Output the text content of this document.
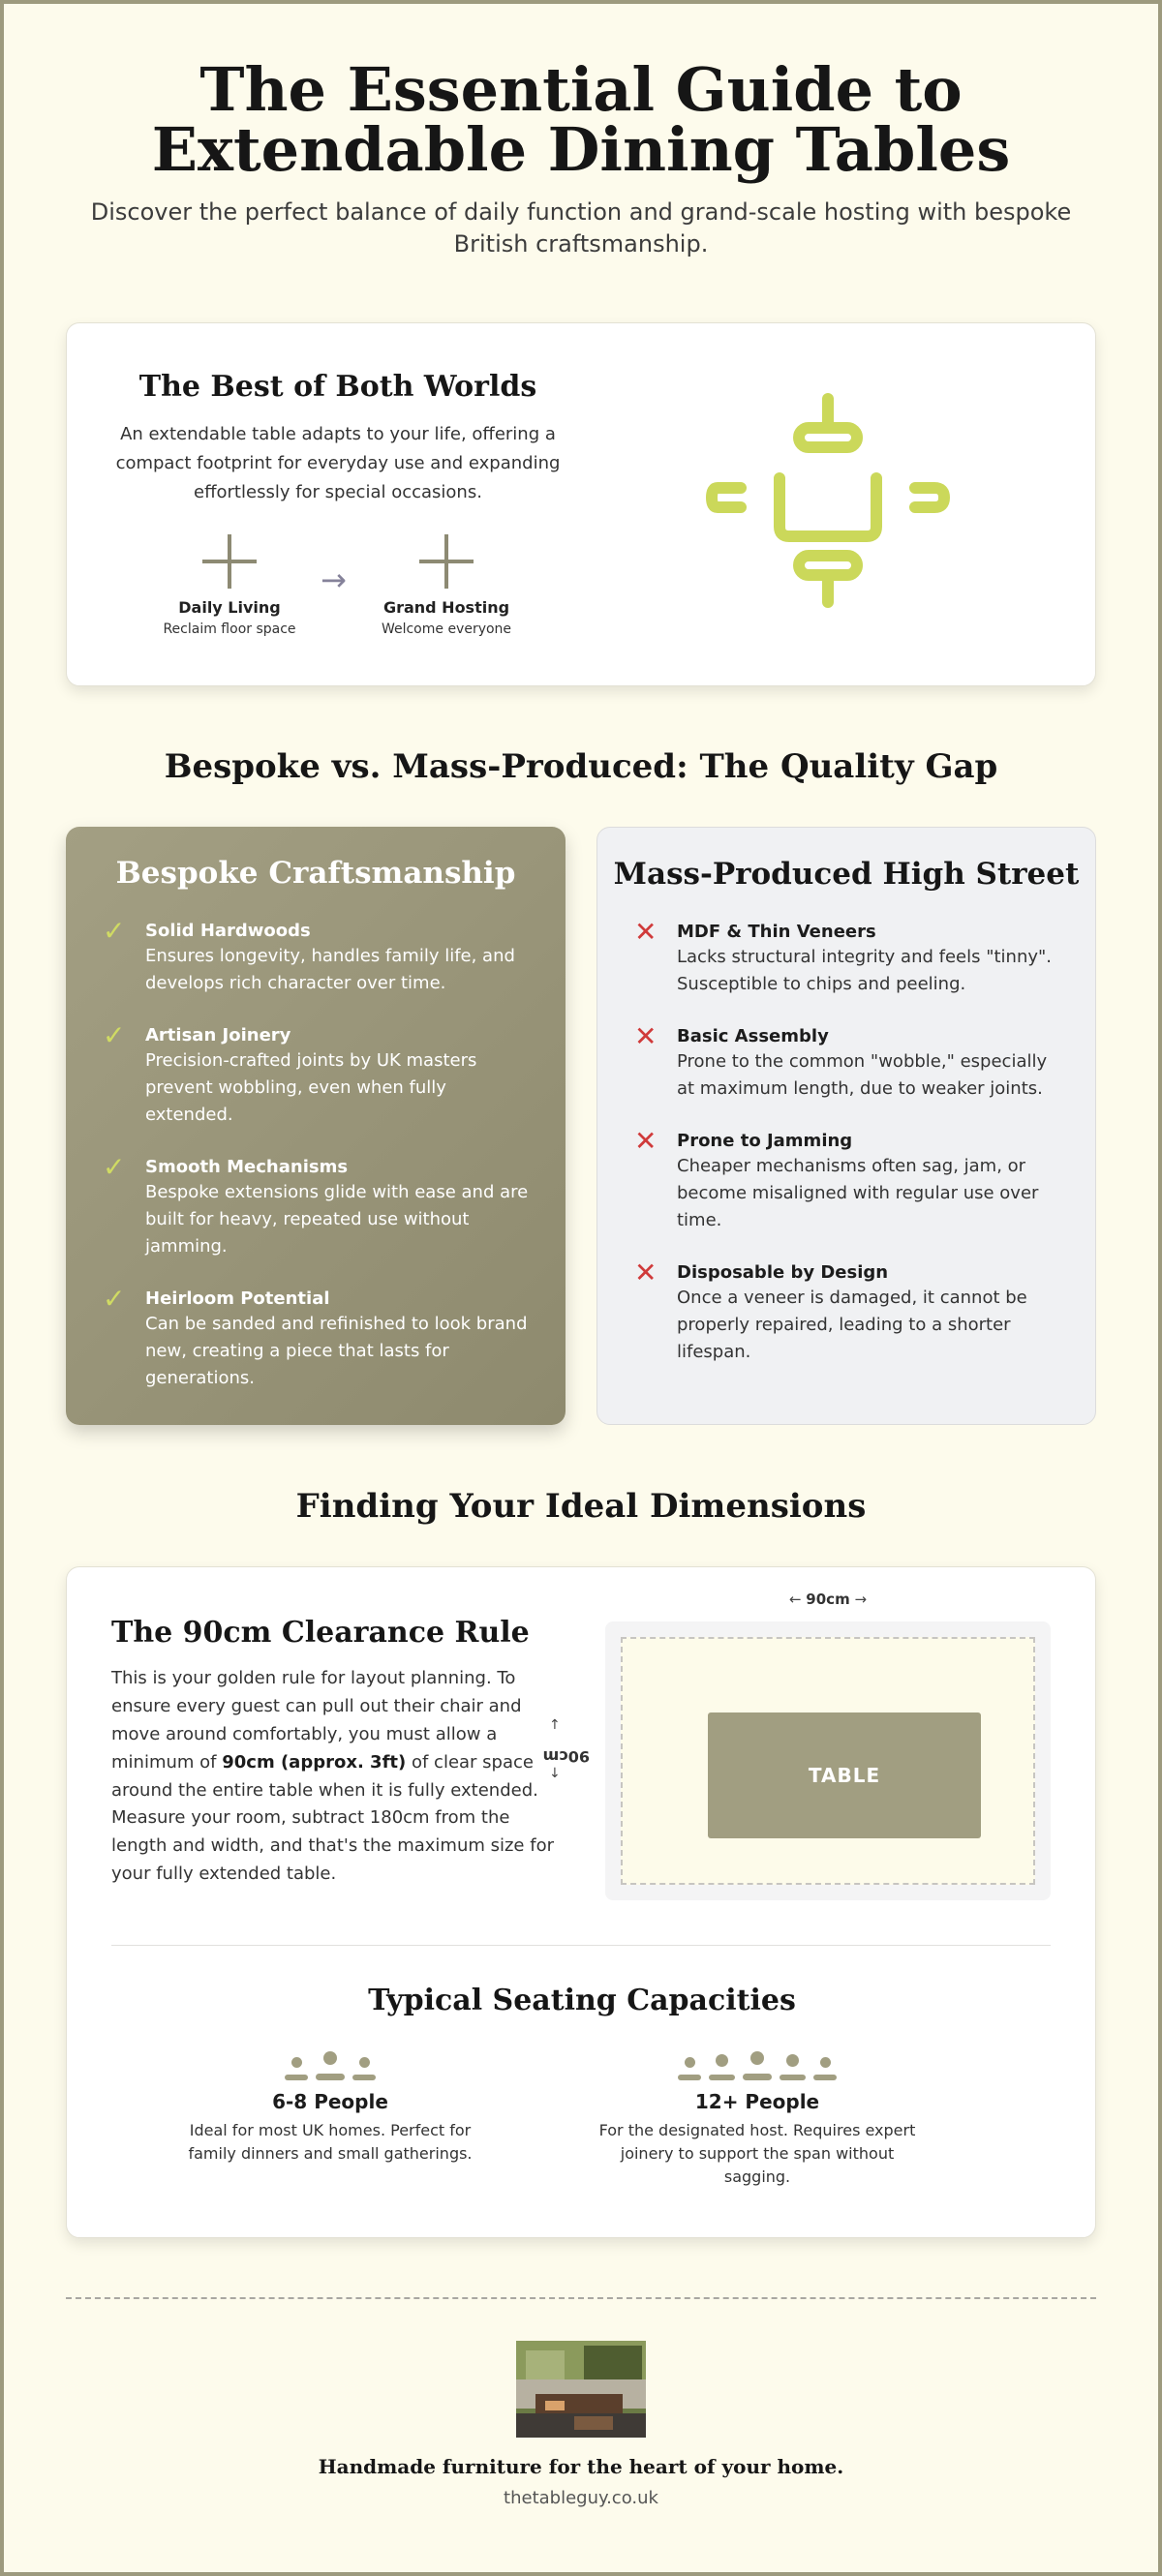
The Essential Guide to Extendable Dining Tables

Discover the perfect balance of daily function and grand-scale hosting with bespoke British craftsmanship.

The Best of Both Worlds

An extendable table adapts to your life, offering a compact footprint for everyday use and expanding effortlessly for special occasions.

→
Daily Living
Reclaim floor space
Grand Hosting
Welcome everyone
Bespoke vs. Mass-Produced: The Quality Gap
Bespoke Craftsmanship
✓ Solid Hardwoods
Ensures longevity, handles family life, and develops rich character over time.
✓ Artisan Joinery
Precision-crafted joints by UK masters prevent wobbling, even when fully extended.
✓ Smooth Mechanisms
Bespoke extensions glide with ease and are built for heavy, repeated use without jamming.
✓ Heirloom Potential
Can be sanded and refinished to look brand new, creating a piece that lasts for generations.
Mass-Produced High Street
✕ MDF & Thin Veneers
Lacks structural integrity and feels "tinny". Susceptible to chips and peeling.
✕ Basic Assembly
Prone to the common "wobble," especially at maximum length, due to weaker joints.
✕ Prone to Jamming
Cheaper mechanisms often sag, jam, or become misaligned with regular use over time.
✕ Disposable by Design
Once a veneer is damaged, it cannot be properly repaired, leading to a shorter lifespan.
Finding Your Ideal Dimensions
The 90cm Clearance Rule

This is your golden rule for layout planning. To ensure every guest can pull out their chair and move around comfortably, you must allow a minimum of 90cm (approx. 3ft) of clear space around the entire table when it is fully extended.

Measure your room, subtract 180cm from the length and width, and that's the maximum size for your fully extended table.

← 90cm →
TABLE
↑
90cm
↓
Typical Seating Capacities
6-8 People
Ideal for most UK homes. Perfect for family dinners and small gatherings.
12+ People
For the designated host. Requires expert joinery to support the span without sagging.

Handmade furniture for the heart of your home.

thetableguy.co.uk
